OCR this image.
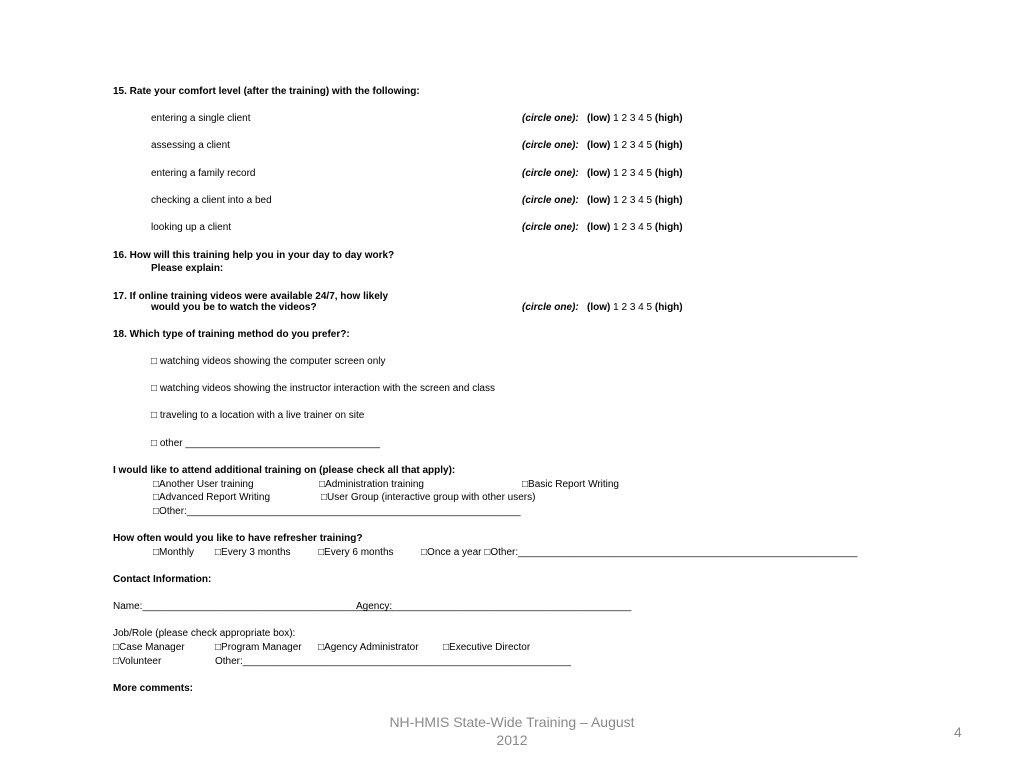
15. Rate your comfort level (after the training) with the following:
entering a single client	(circle one): (low) 1 2 3 4 5 (high)
assessing a client	(circle one): (low) 1 2 3 4 5 (high)
entering a family record	(circle one): (low) 1 2 3 4 5 (high)
checking a client into a bed	(circle one): (low) 1 2 3 4 5 (high)
looking up a client	(circle one): (low) 1 2 3 4 5 (high)
16. How will this training help you in your day to day work?
Please explain:
17. If online training videos were available 24/7, how likely
would you be to watch the videos?	(circle one): (low) 1 2 3 4 5 (high)
18. Which type of training method do you prefer?:
□ watching videos showing the computer screen only
□ watching videos showing the instructor interaction with the screen and class
□ traveling to a location with a live trainer on site
□ other ___________________________________
I would like to attend additional training on (please check all that apply):
□Another User training	□Administration training	□Basic Report Writing
□Advanced Report Writing	□User Group (interactive group with other users)
□Other:____________________________________________________________
How often would you like to have refresher training?
□Monthly □Every 3 months	□Every 6 months	□Once a year □Other:_____________________________________________________________
Contact Information:
Name:_____________________________________________
Agency:___________________________________________
Job/Role (please check appropriate box):
□Case Manager	□Program Manager □Agency Administrator □Executive Director
□Volunteer	Other:___________________________________________________________
More comments:
NH-HMIS State-Wide Training – August
2012	4
